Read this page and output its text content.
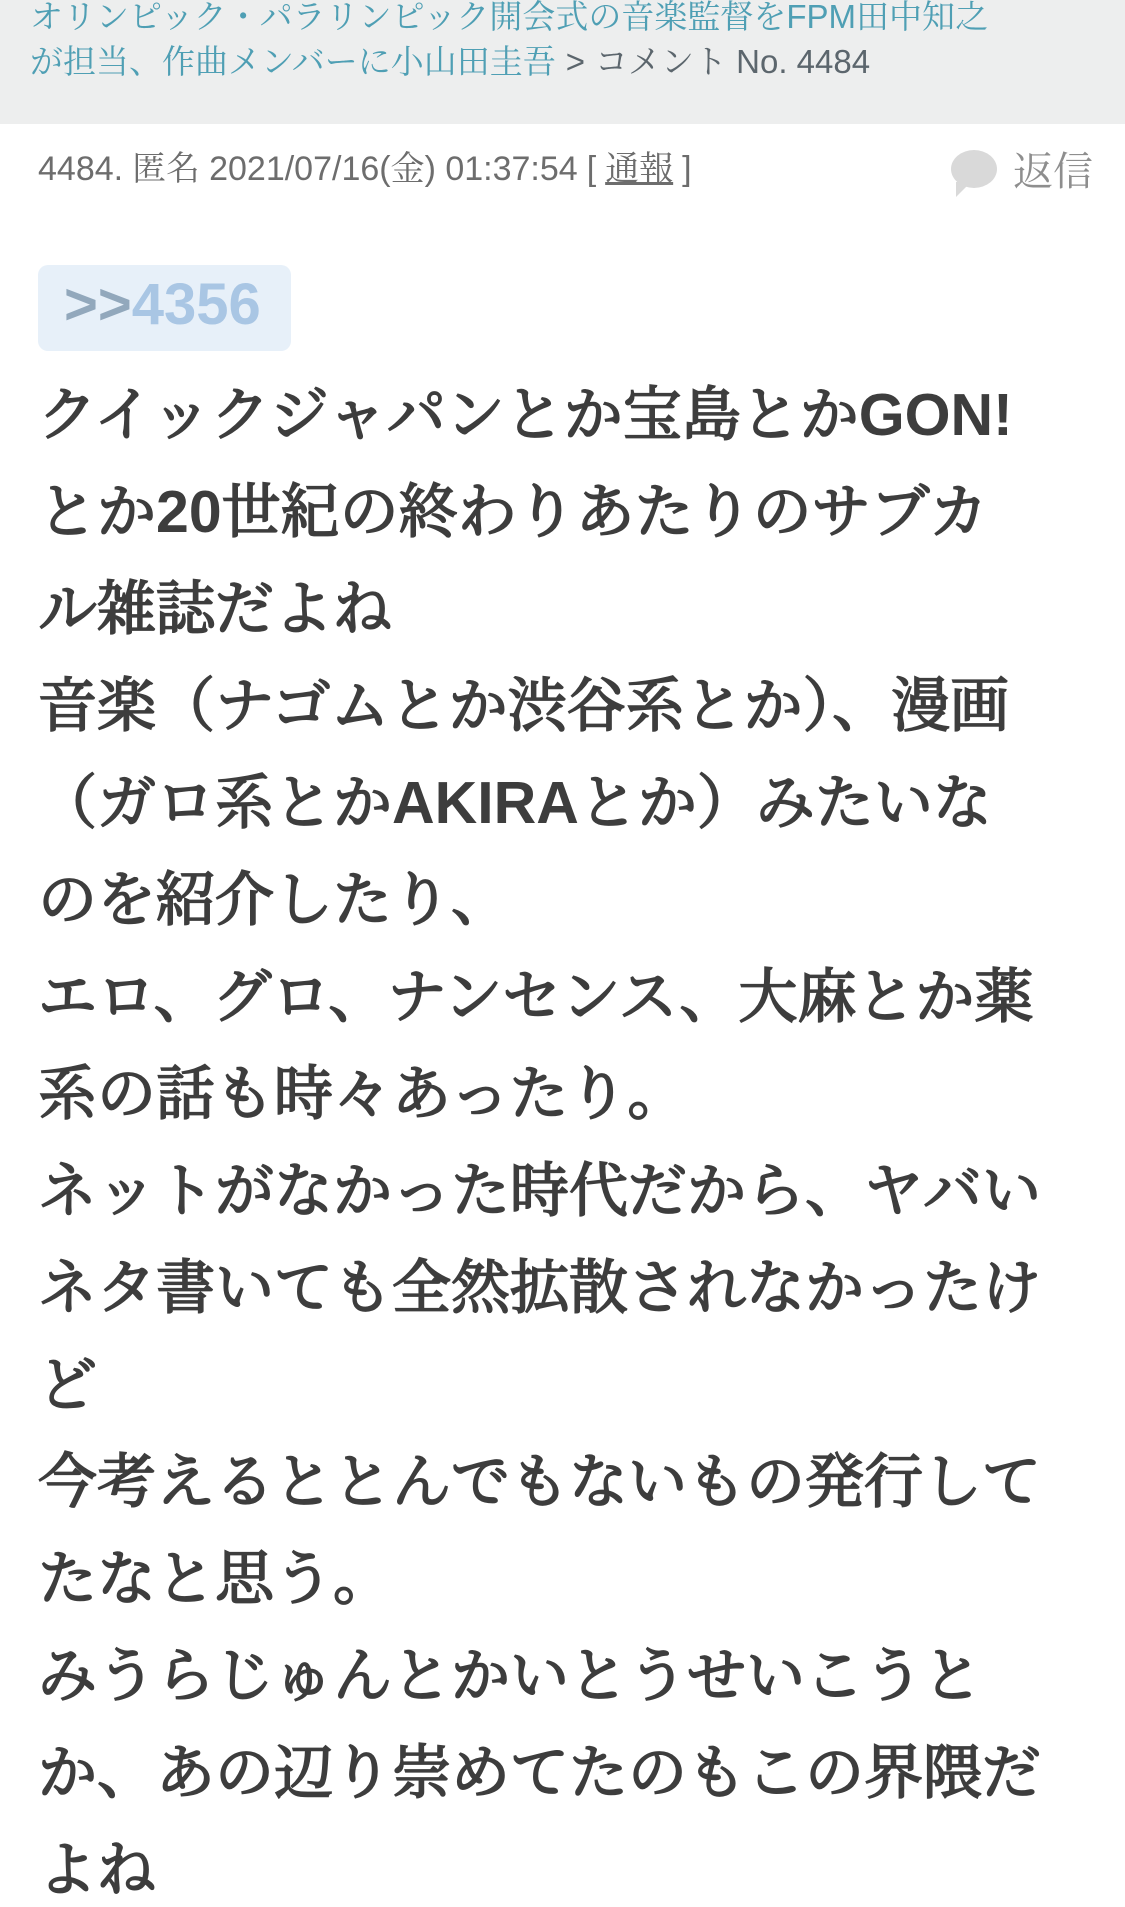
オリンピック・パラリンピック開会式の音楽監督をFPM田中知之
が担当、作曲メンバーに小山田圭吾 > コメント No. 4484
4484. 匿名 2021/07/16(金) 01:37:54 [ 通報 ]	返信
>>4356
クイックジャパンとか宝島とかGON!
とか20世紀の終わりあたりのサブカ
ル雑誌だよね
音楽（ナゴムとか渋谷系とか）、漫画
（ガロ系とかAKIRAとか）みたいな
のを紹介したり、
エロ、グロ、ナンセンス、大麻とか薬
系の話も時々あったり。
ネットがなかった時代だから、ヤバい
ネタ書いても全然拡散されなかったけ
ど
今考えるととんでもないもの発行して
たなと思う。
みうらじゅんとかいとうせいこうと
か、あの辺り崇めてたのもこの界隈だ
よね
